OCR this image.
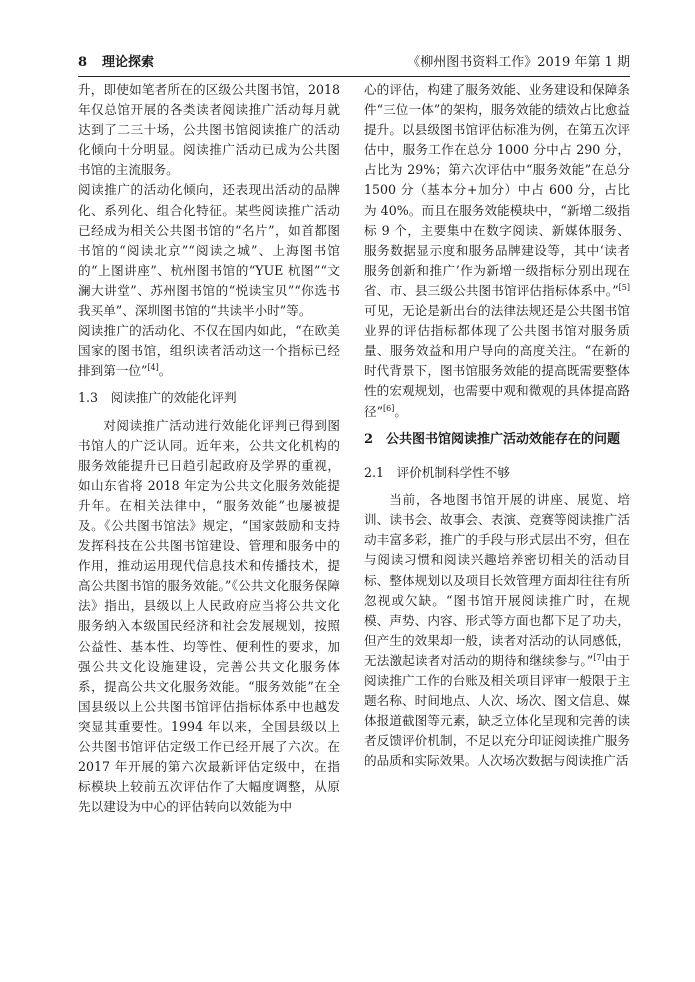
8 理论探索	《柳州图书资料工作》2019 年第 1 期

升，即使如笔者所在的区级公共图书馆，2018 年仅总馆开展的各类读者阅读推广活动每月就达到了二三十场，公共图书馆阅读推广的活动化倾向十分明显。阅读推广活动已成为公共图书馆的主流服务。

阅读推广的活动化倾向，还表现出活动的品牌化、系列化、组合化特征。某些阅读推广活动已经成为相关公共图书馆的“名片”，如首都图书馆的“阅读北京”“阅读之城”、上海图书馆的“上图讲座”、杭州图书馆的“YUE 杭图”“文澜大讲堂”、苏州图书馆的“悦读宝贝”“你选书我买单”、深圳图书馆的“共读半小时”等。

阅读推广的活动化、不仅在国内如此，“在欧美国家的图书馆，组织读者活动这一个指标已经排到第一位”[4]。

1.3　阅读推广的效能化评判

对阅读推广活动进行效能化评判已得到图书馆人的广泛认同。近年来，公共文化机构的服务效能提升已日趋引起政府及学界的重视，如山东省将 2018 年定为公共文化服务效能提升年。在相关法律中，“服务效能”也屡被提及。《公共图书馆法》规定，“国家鼓励和支持发挥科技在公共图书馆建设、管理和服务中的作用，推动运用现代信息技术和传播技术，提高公共图书馆的服务效能。”《公共文化服务保障法》指出，县级以上人民政府应当将公共文化服务纳入本级国民经济和社会发展规划，按照公益性、基本性、均等性、便利性的要求，加强公共文化设施建设，完善公共文化服务体系，提高公共文化服务效能。“服务效能”在全国县级以上公共图书馆评估指标体系中也越发突显其重要性。1994 年以来，全国县级以上公共图书馆评估定级工作已经开展了六次。在 2017 年开展的第六次最新评估定级中，在指标模块上较前五次评估作了大幅度调整，从原先以建设为中心的评估转向以效能为中

心的评估，构建了服务效能、业务建设和保障条件“三位一体”的架构，服务效能的绩效占比愈益提升。以县级图书馆评估标准为例，在第五次评估中，服务工作在总分 1000 分中占 290 分，占比为 29%；第六次评估中“服务效能”在总分 1500 分（基本分+加分）中占 600 分，占比为 40%。而且在服务效能模块中，“新增二级指标 9 个，主要集中在数字阅读、新媒体服务、服务数据显示度和服务品牌建设等，其中‘读者服务创新和推广’作为新增一级指标分别出现在省、市、县三级公共图书馆评估指标体系中。”[5]可见，无论是新出台的法律法规还是公共图书馆业界的评估指标都体现了公共图书馆对服务质量、服务效益和用户导向的高度关注。“在新的时代背景下，图书馆服务效能的提高既需要整体性的宏观规划，也需要中观和微观的具体提高路径”[6]。

2　公共图书馆阅读推广活动效能存在的问题
2.1　评价机制科学性不够

当前，各地图书馆开展的讲座、展览、培训、读书会、故事会、表演、竞赛等阅读推广活动丰富多彩，推广的手段与形式层出不穷，但在与阅读习惯和阅读兴趣培养密切相关的活动目标、整体规划以及项目长效管理方面却往往有所忽视或欠缺。“图书馆开展阅读推广时，在规模、声势、内容、形式等方面也都下足了功夫，但产生的效果却一般，读者对活动的认同感低，无法激起读者对活动的期待和继续参与。”[7]由于阅读推广工作的台账及相关项目评审一般限于主题名称、时间地点、人次、场次、图文信息、媒体报道截图等元素，缺乏立体化呈现和完善的读者反馈评价机制，不足以充分印证阅读推广服务的品质和实际效果。人次场次数据与阅读推广活
